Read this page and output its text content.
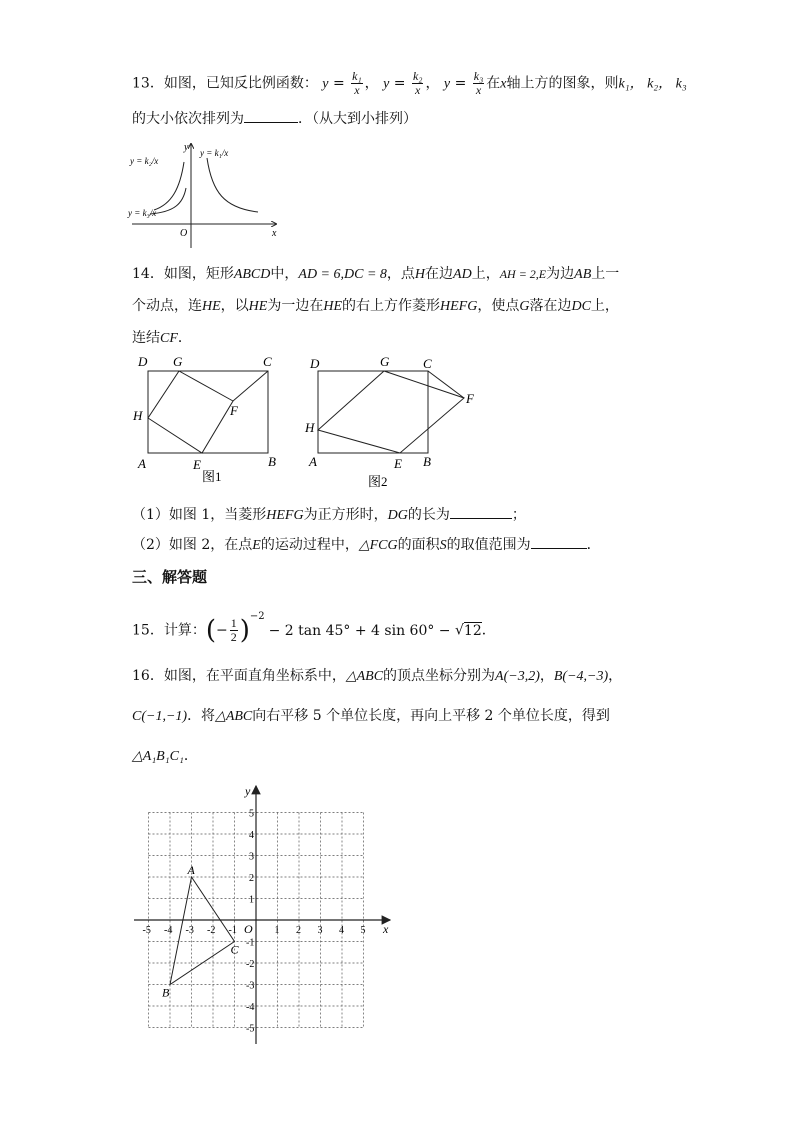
13．如图，已知反比例函数： $y = \frac{\text{k₁}}{x}$ ， $y = \frac{\text{k₂}}{x}$ ， $y = \frac{\text{k₃}}{x}$ 在x轴上方的图象，则k₁， k₂， k₃
的大小依次排列为	．（从大到小排列）
y = k₁/x
y = k₂/x
y = k₃/x
y
x
O
14．如图，矩形ABCD中，AD = 6,DC = 8，点H在边AD上，AH = 2,E为边AB上一
个动点，连HE，以HE为一边在HE的右上方作菱形HEFG，使点G落在边DC上，
连结CF．
D G	C
H	F
A	E	B
图1
D	G	C
F
H
A	E B
图2
（1）如图 1，当菱形HEFG为正方形时，DG的长为	；
（2）如图 2，在点E的运动过程中，△FCG的面积S的取值范围为	．
三、解答题
15．计算：(− $\frac{1}{2} )^{-2}- 2$ tan 45° + 4 sin 60° − √12．
16．如图，在平面直角坐标系中，△ABC的顶点坐标分别为A(−3,2)，B(−4,−3)，
C(−1,−1)．将△ABC向右平移 5 个单位长度，再向上平移 2 个单位长度，得到
△A₁B₁C₁．
-5 -4 -3 -2 -1	1 2 3 4 5
5
4
3
2
1
-1
-2
-3
-4
-5
x
y
O
A
B
C
